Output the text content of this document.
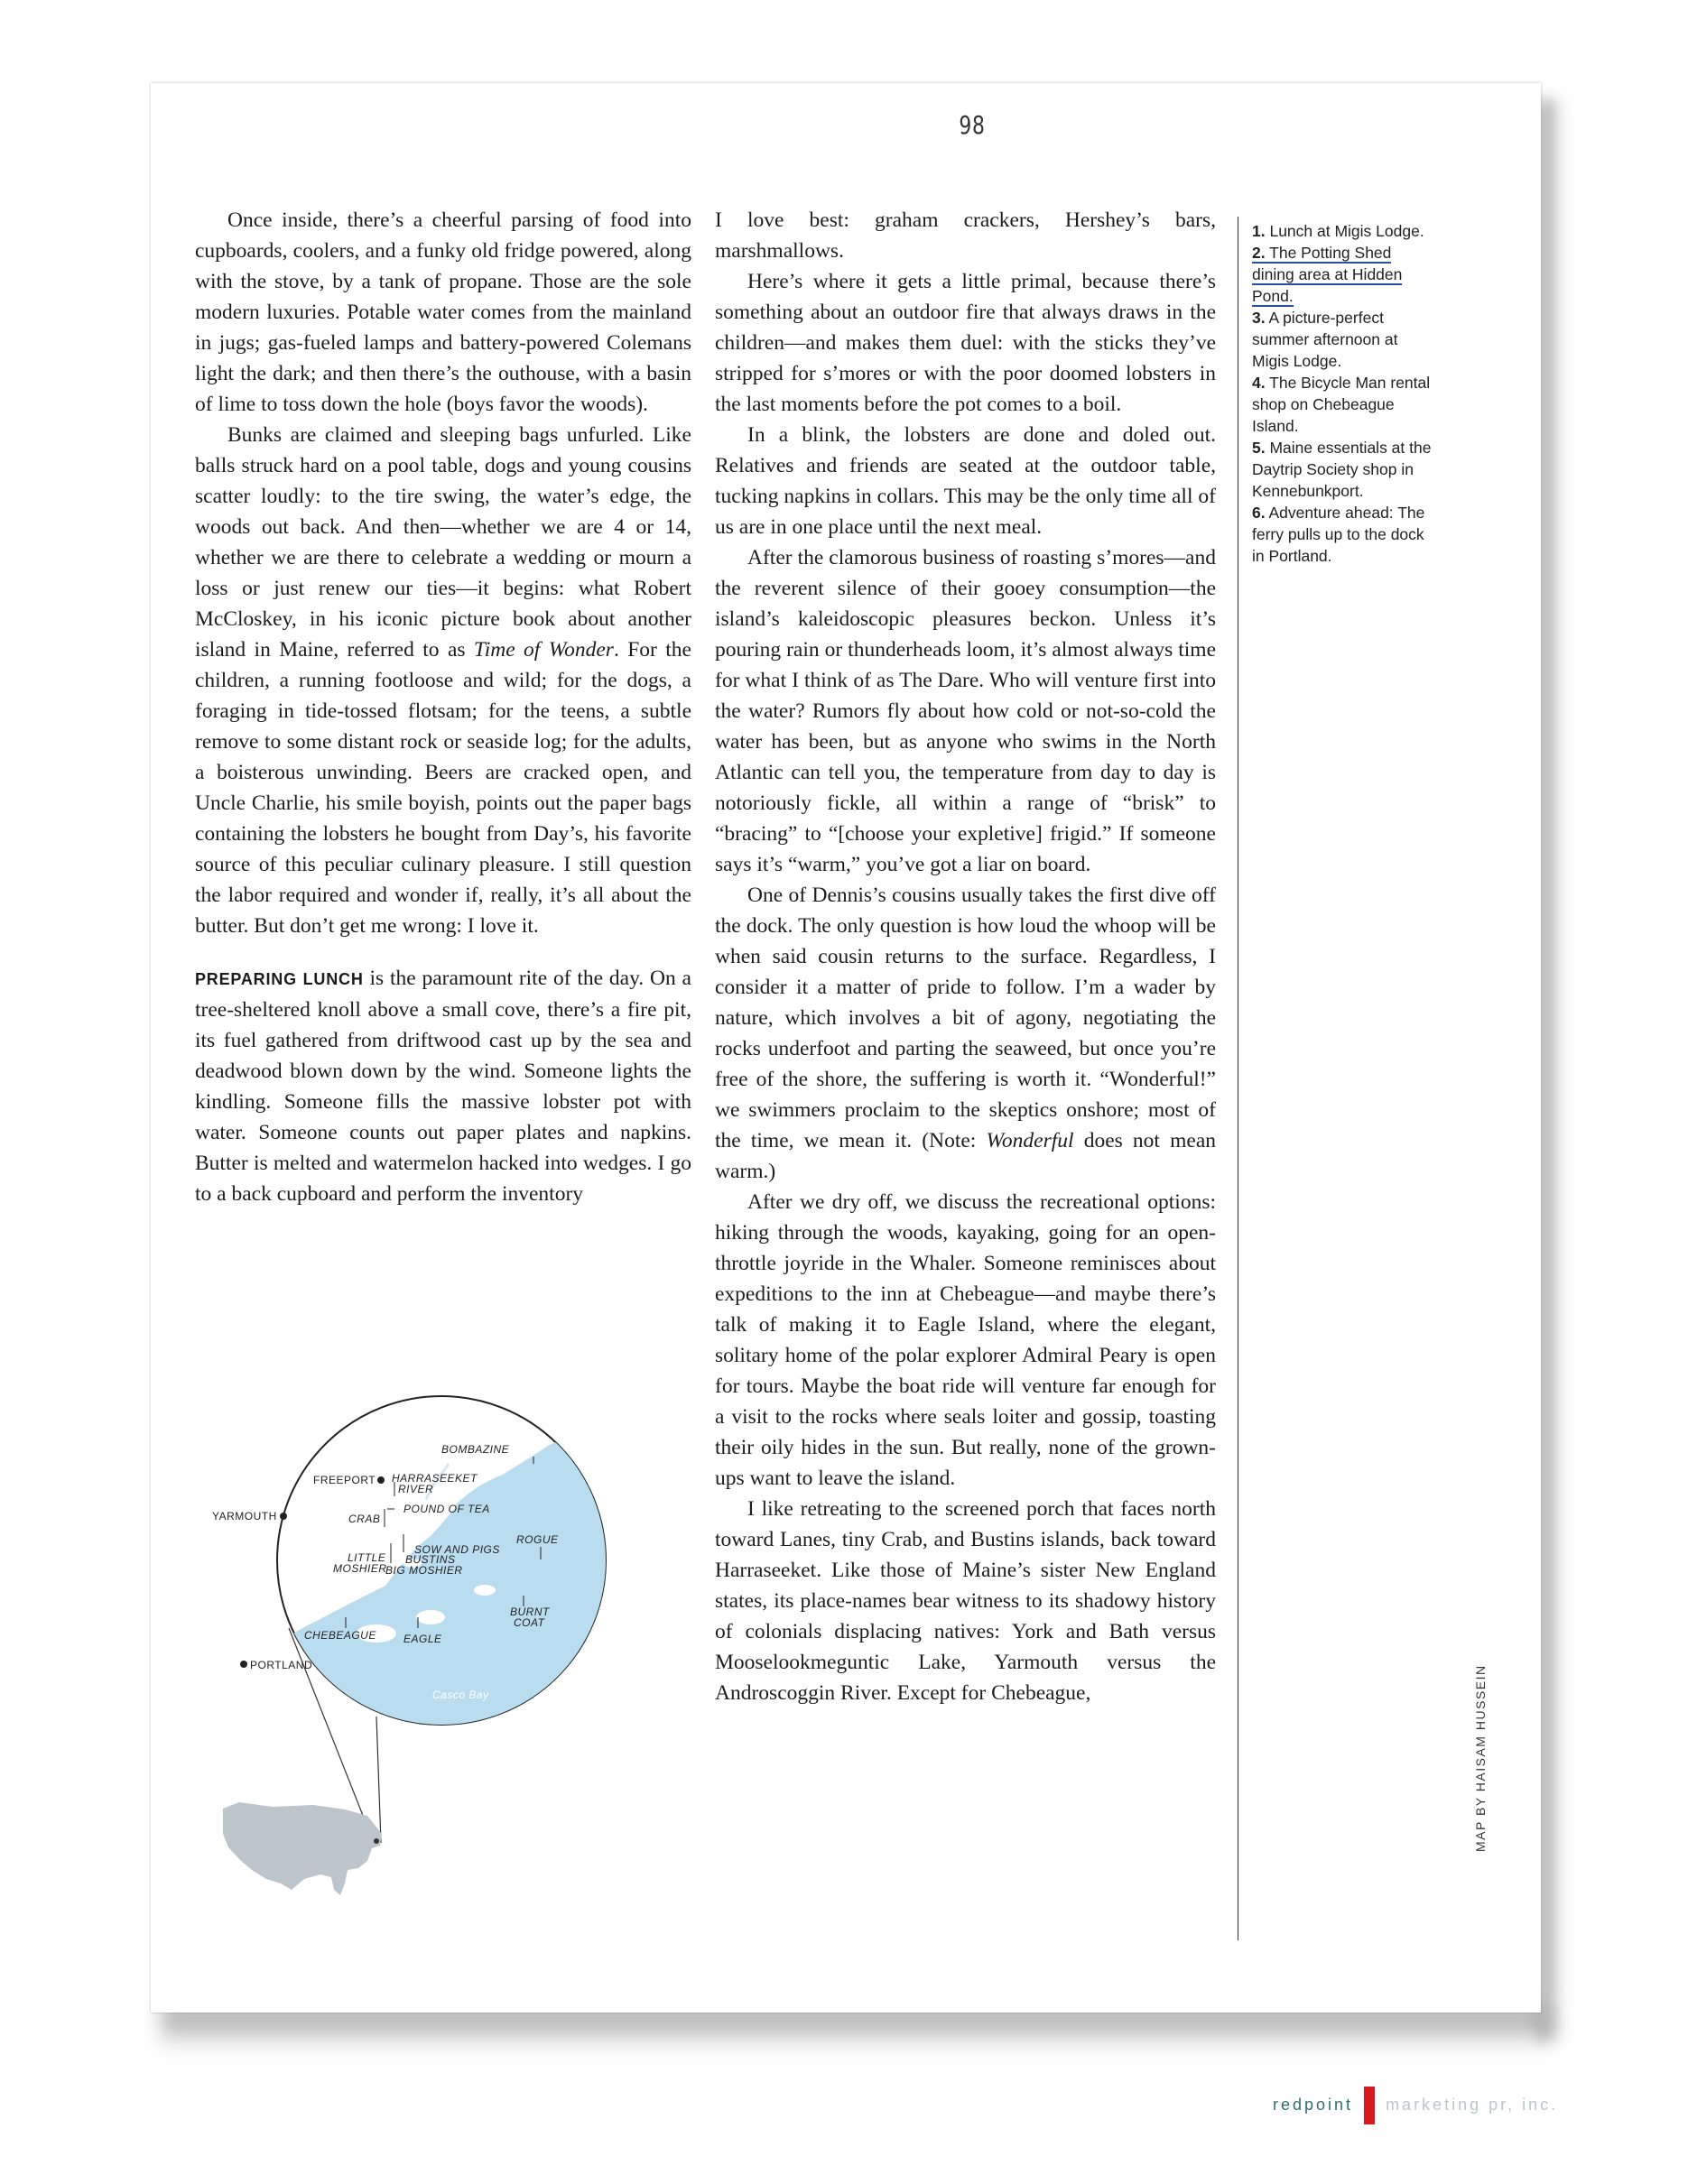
98

Once inside, there’s a cheerful parsing of food into cupboards, coolers, and a funky old fridge powered, along with the stove, by a tank of propane. Those are the sole modern luxuries. Potable water comes from the mainland in jugs; gas-fueled lamps and battery-powered Colemans light the dark; and then there’s the outhouse, with a basin of lime to toss down the hole (boys favor the woods).

Bunks are claimed and sleeping bags unfurled. Like balls struck hard on a pool table, dogs and young cousins scatter loudly: to the tire swing, the water’s edge, the woods out back. And then—whether we are 4 or 14, whether we are there to celebrate a wedding or mourn a loss or just renew our ties—it begins: what Robert McCloskey, in his iconic picture book about another island in Maine, referred to as Time of Wonder. For the children, a running footloose and wild; for the dogs, a foraging in tide-tossed flotsam; for the teens, a subtle remove to some distant rock or seaside log; for the adults, a boisterous unwinding. Beers are cracked open, and Uncle Charlie, his smile boyish, points out the paper bags containing the lobsters he bought from Day’s, his favorite source of this peculiar culinary pleasure. I still question the labor required and wonder if, really, it’s all about the butter. But don’t get me wrong: I love it.

PREPARING LUNCH is the paramount rite of the day. On a tree-sheltered knoll above a small cove, there’s a fire pit, its fuel gathered from driftwood cast up by the sea and deadwood blown down by the wind. Someone lights the kindling. Someone fills the massive lobster pot with water. Someone counts out paper plates and napkins. Butter is melted and watermelon hacked into wedges. I go to a back cupboard and perform the inventory

BOMBAZINE
FREEPORT HARRASEEKET
RIVER
POUND OF TEA
CRAB
YARMOUTH
SOW AND PIGS
ROGUE
LITTLE
MOSHIER
BUSTINS
BIG MOSHIER
BURNT
COAT
CHEBEAGUE	EAGLE
PORTLAND
Casco Bay

I love best: graham crackers, Hershey’s bars, marshmallows.

Here’s where it gets a little primal, because there’s something about an outdoor fire that always draws in the children—and makes them duel: with the sticks they’ve stripped for s’mores or with the poor doomed lobsters in the last moments before the pot comes to a boil.

In a blink, the lobsters are done and doled out. Relatives and friends are seated at the outdoor table, tucking napkins in collars. This may be the only time all of us are in one place until the next meal.

After the clamorous business of roasting s’mores—and the reverent silence of their gooey consumption—the island’s kaleidoscopic pleasures beckon. Unless it’s pouring rain or thunderheads loom, it’s almost always time for what I think of as The Dare. Who will venture first into the water? Rumors fly about how cold or not-so-cold the water has been, but as anyone who swims in the North Atlantic can tell you, the temperature from day to day is notoriously fickle, all within a range of “brisk” to “bracing” to “[choose your expletive] frigid.” If someone says it’s “warm,” you’ve got a liar on board.

One of Dennis’s cousins usually takes the first dive off the dock. The only question is how loud the whoop will be when said cousin returns to the surface. Regardless, I consider it a matter of pride to follow. I’m a wader by nature, which involves a bit of agony, negotiating the rocks underfoot and parting the seaweed, but once you’re free of the shore, the suffering is worth it. “Wonderful!” we swimmers proclaim to the skeptics onshore; most of the time, we mean it. (Note: Wonderful does not mean warm.)

After we dry off, we discuss the recreational options: hiking through the woods, kayaking, going for an open-throttle joyride in the Whaler. Someone reminisces about expeditions to the inn at Chebeague—and maybe there’s talk of making it to Eagle Island, where the elegant, solitary home of the polar explorer Admiral Peary is open for tours. Maybe the boat ride will venture far enough for a visit to the rocks where seals loiter and gossip, toasting their oily hides in the sun. But really, none of the grown-ups want to leave the island.

I like retreating to the screened porch that faces north toward Lanes, tiny Crab, and Bustins islands, back toward Harraseeket. Like those of Maine’s sister New England states, its place-names bear witness to its shadowy history of colonials displacing natives: York and Bath versus Mooselookmeguntic Lake, Yarmouth versus the Androscoggin River. Except for Chebeague,

1. Lunch at Migis Lodge. 2. The Potting Shed dining area at Hidden Pond.
3. A picture-perfect summer afternoon at Migis Lodge.
4. The Bicycle Man rental shop on Chebeague Island.
5. Maine essentials at the Daytrip Society shop in Kennebunkport.
6. Adventure ahead: The ferry pulls up to the dock in Portland.
MAP BY HAISAM HUSSEIN
redpoint marketing pr, inc.
